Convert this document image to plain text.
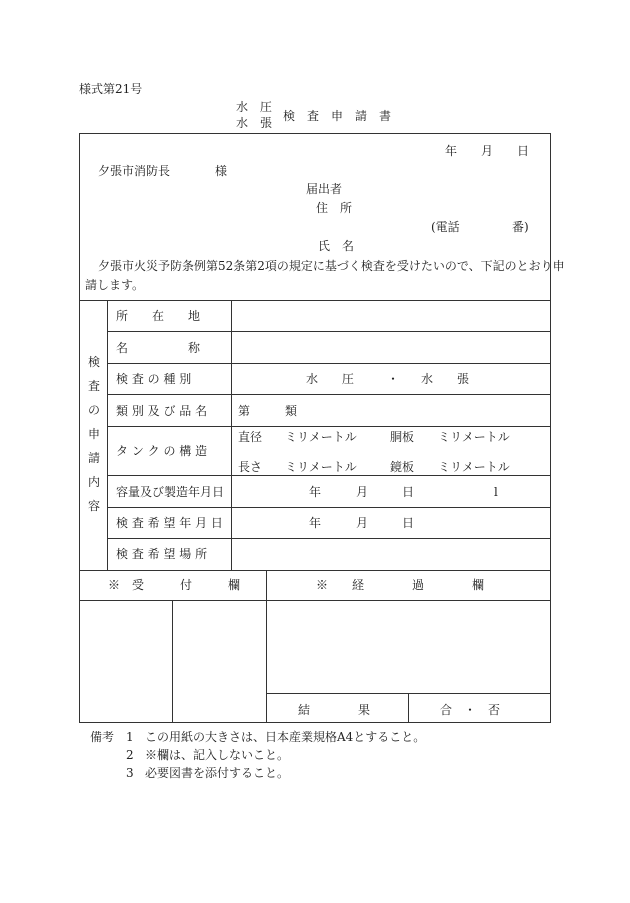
様式第21号
水　圧
水　張 検　査　申　請　書
年 月 日
夕張市消防長	様
届出者
住　所
(電話	番)
氏　名
夕張市火災予防条例第52条第2項の規定に基づく検査を受けたいので、下記のとおり申
請します。
検
査
の
申
請
内
容
所　　在　　地
名　　　　　称
検 査 の 種 別	水　　圧	・ 水　　張
類 別 及 び 品 名	第	類
タ ン ク の 構 造
直径 ミリメートル	胴板 ミリメートル
長さ ミリメートル	鏡板 ミリメートル
容量及び製造年月日	年	月	日	l
検 査 希 望 年 月 日	年	月	日
検 査 希 望 場 所
※　受　　　付　　　欄	※　　経　　　　過　　　　欄
結　　　　果	合　・　否
備考 1 この用紙の大きさは、日本産業規格A4とすること。
2 ※欄は、記入しないこと。
3 必要図書を添付すること。
